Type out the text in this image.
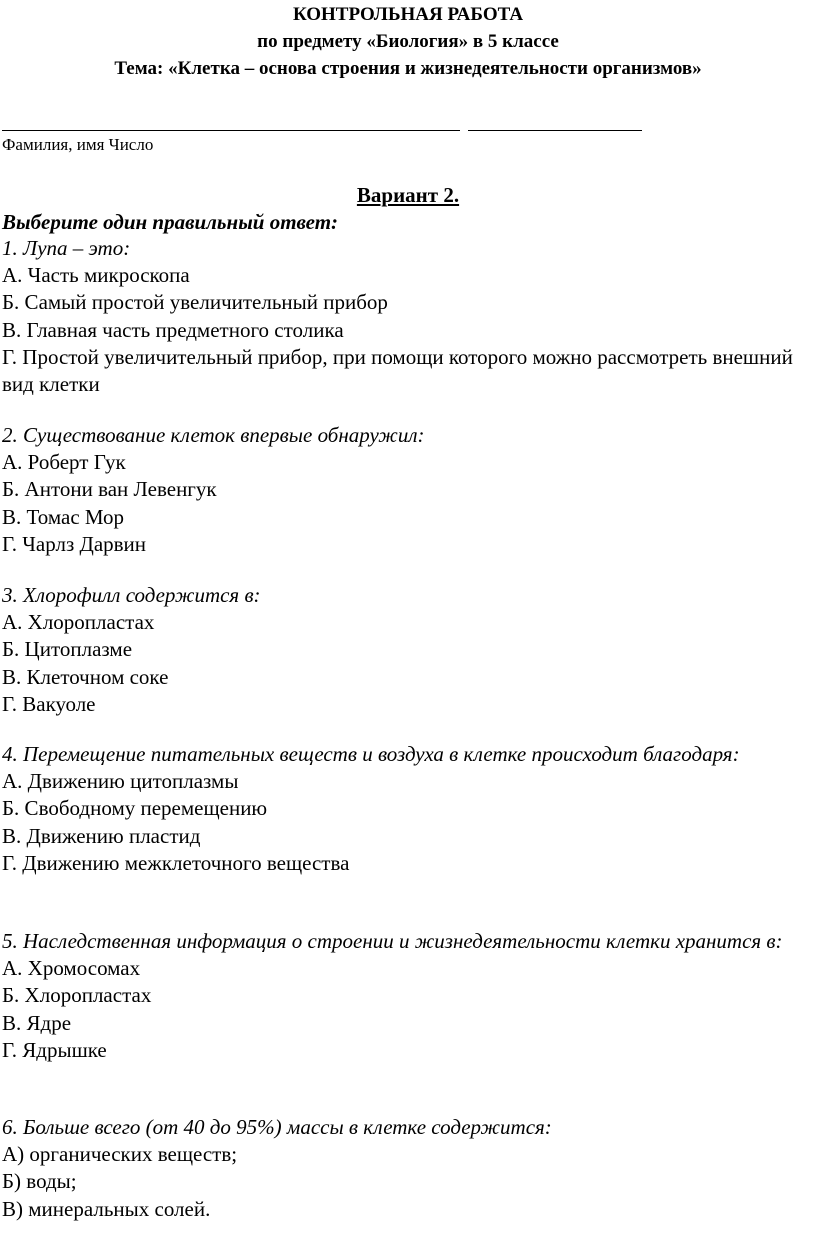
КОНТРОЛЬНАЯ РАБОТА
по предмету «Биология» в 5 классе
Тема: «Клетка – основа строения и жизнедеятельности организмов»
Фамилия, имя Число
Вариант 2.
Выберите один правильный ответ:
1. Лупа – это:
А. Часть микроскопа
Б. Самый простой увеличительный прибор
В. Главная часть предметного столика
Г. Простой увеличительный прибор, при помощи которого можно рассмотреть внешний вид клетки
2. Существование клеток впервые обнаружил:
А. Роберт Гук
Б. Антони ван Левенгук
В. Томас Мор
Г. Чарлз Дарвин
3. Хлорофилл содержится в:
А. Хлоропластах
Б. Цитоплазме
В. Клеточном соке
Г. Вакуоле
4. Перемещение питательных веществ и воздуха в клетке происходит благодаря:
А. Движению цитоплазмы
Б. Свободному перемещению
В. Движению пластид
Г. Движению межклеточного вещества
5. Наследственная информация о строении и жизнедеятельности клетки хранится в:
А. Хромосомах
Б. Хлоропластах
В. Ядре
Г. Ядрышке
6. Больше всего (от 40 до 95%) массы в клетке содержится:
А) органических веществ;
Б) воды;
В) минеральных солей.
